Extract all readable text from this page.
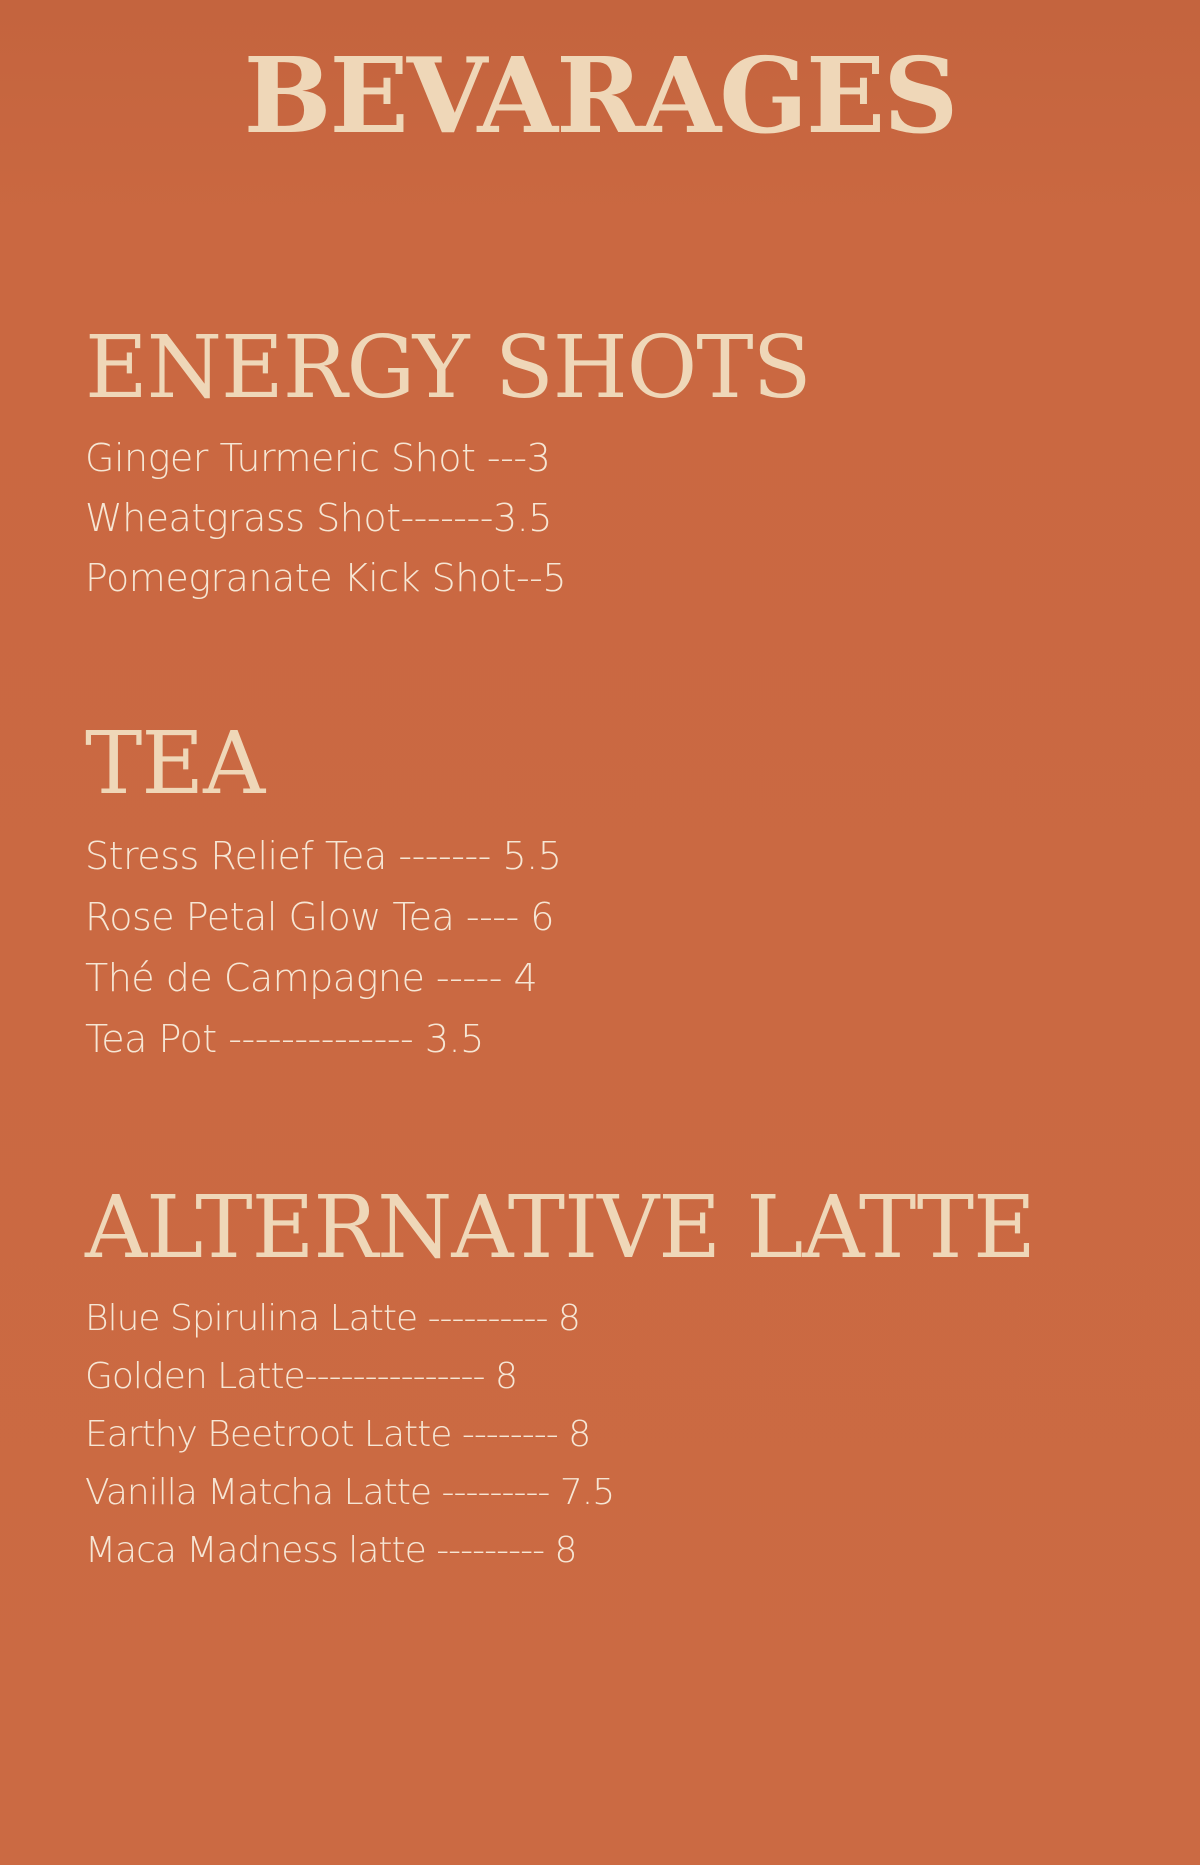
BEVARAGES
ENERGY SHOTS
Ginger Turmeric Shot ---3
Wheatgrass Shot-------3.5
Pomegranate Kick Shot--5
TEA
Stress Relief Tea ------- 5.5
Rose Petal Glow Tea ---- 6
Thé de Campagne ----- 4
Tea Pot -------------- 3.5
ALTERNATIVE LATTE
Blue Spirulina Latte ---------- 8
Golden Latte--------------- 8
Earthy Beetroot Latte -------- 8
Vanilla Matcha Latte --------- 7.5
Maca Madness latte --------- 8
